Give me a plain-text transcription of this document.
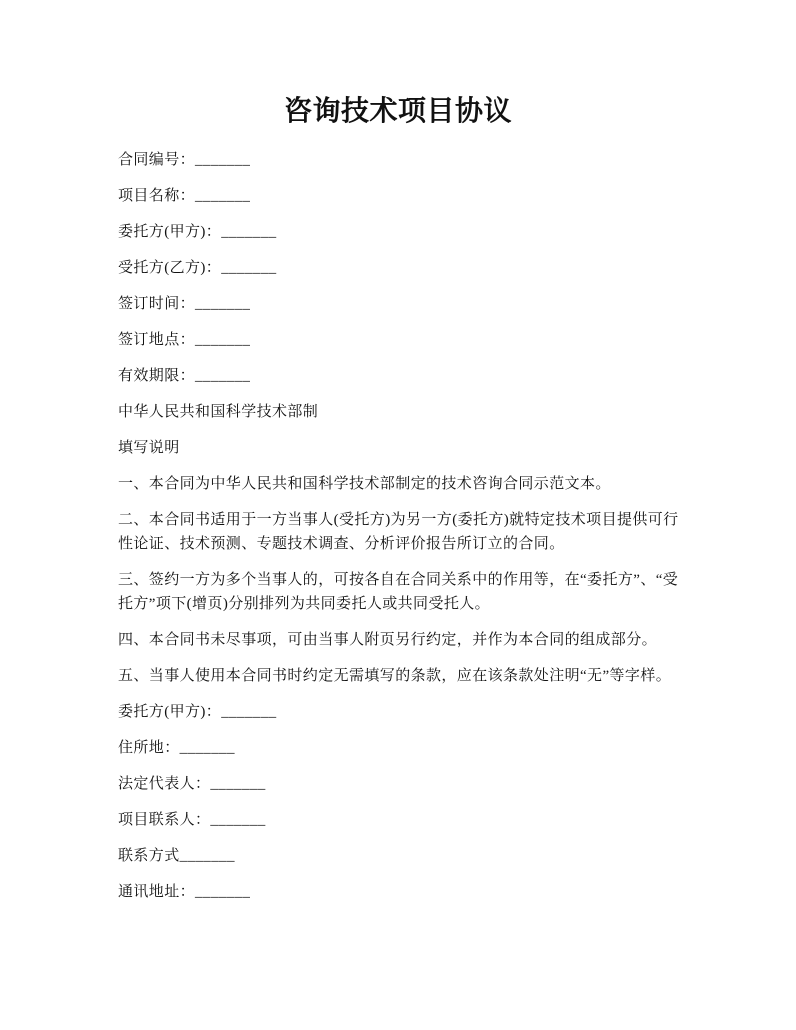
咨询技术项目协议

合同编号：_______

项目名称：_______

委托方(甲方)：_______

受托方(乙方)：_______

签订时间：_______

签订地点：_______

有效期限：_______

中华人民共和国科学技术部制

填写说明

一、本合同为中华人民共和国科学技术部制定的技术咨询合同示范文本。

二、本合同书适用于一方当事人(受托方)为另一方(委托方)就特定技术项目提供可行性论证、技术预测、专题技术调查、分析评价报告所订立的合同。

三、签约一方为多个当事人的，可按各自在合同关系中的作用等，在“委托方”、“受托方”项下(增页)分别排列为共同委托人或共同受托人。

四、本合同书未尽事项，可由当事人附页另行约定，并作为本合同的组成部分。

五、当事人使用本合同书时约定无需填写的条款，应在该条款处注明“无”等字样。

委托方(甲方)：_______

住所地：_______

法定代表人：_______

项目联系人：_______

联系方式_______

通讯地址：_______
